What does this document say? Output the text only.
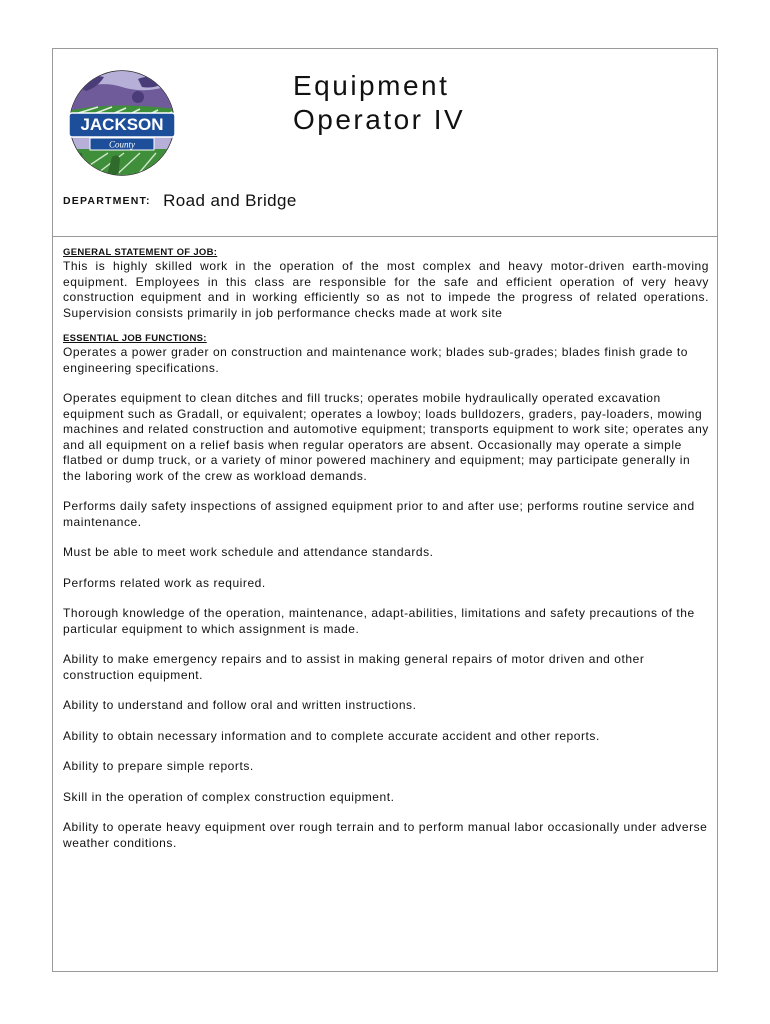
JACKSON
County
Equipment
Operator IV
DEPARTMENT: Road and Bridge

GENERAL STATEMENT OF JOB:

This is highly skilled work in the operation of the most complex and heavy motor-driven earth-moving equipment. Employees in this class are responsible for the safe and efficient operation of very heavy construction equipment and in working efficiently so as not to impede the progress of related operations. Supervision consists primarily in job performance checks made at work site

ESSENTIAL JOB FUNCTIONS:

Operates a power grader on construction and maintenance work; blades sub-grades; blades finish grade to engineering specifications.

Operates equipment to clean ditches and fill trucks; operates mobile hydraulically operated excavation equipment such as Gradall, or equivalent; operates a lowboy; loads bulldozers, graders, pay-loaders, mowing machines and related construction and automotive equipment; transports equipment to work site; operates any and all equipment on a relief basis when regular operators are absent. Occasionally may operate a simple flatbed or dump truck, or a variety of minor powered machinery and equipment; may participate generally in the laboring work of the crew as workload demands.

Performs daily safety inspections of assigned equipment prior to and after use; performs routine service and maintenance.

Must be able to meet work schedule and attendance standards.

Performs related work as required.

Thorough knowledge of the operation, maintenance, adapt-abilities, limitations and safety precautions of the particular equipment to which assignment is made.

Ability to make emergency repairs and to assist in making general repairs of motor driven and other construction equipment.

Ability to understand and follow oral and written instructions.

Ability to obtain necessary information and to complete accurate accident and other reports.

Ability to prepare simple reports.

Skill in the operation of complex construction equipment.

Ability to operate heavy equipment over rough terrain and to perform manual labor occasionally under adverse weather conditions.
